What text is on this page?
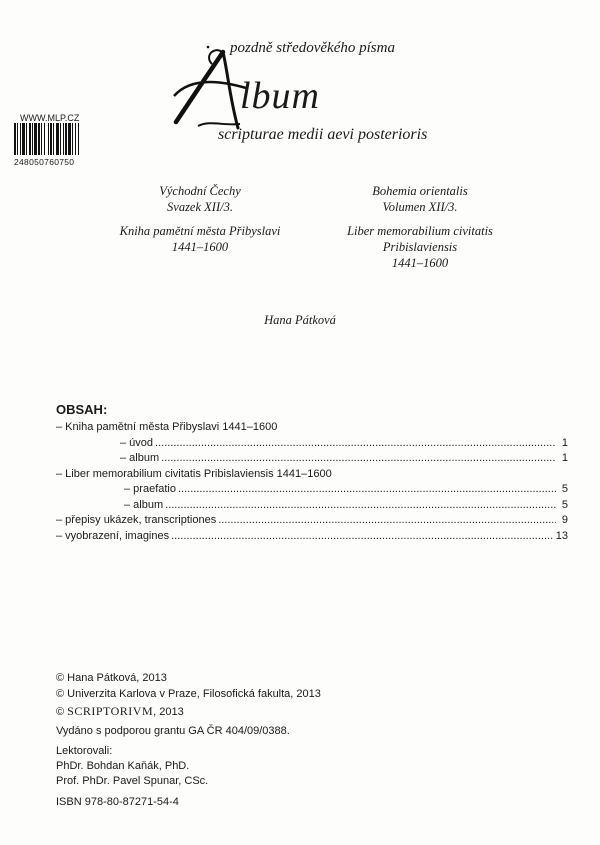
pozdně středověkého písma
lbum
scripturae medii aevi posterioris
WWW.MLP.CZ
248050760750
Východní Čechy
Svazek XII/3.
Kniha pamětní města Přibyslavi
1441–1600
Bohemia orientalis
Volumen XII/3.
Liber memorabilium civitatis Pribislaviensis
1441–1600
Hana Pátková
OBSAH:
– Kniha pamětní města Přibyslavi 1441–1600
– úvod .....	1
– album .....	1
– Liber memorabilium civitatis Pribislaviensis 1441–1600
– praefatio .....	5
– album .....	5
– přepisy ukázek, transcriptiones .....	9
– vyobrazení, imagines .....	13
© Hana Pátková, 2013
© Univerzita Karlova v Praze, Filosofická fakulta, 2013
© SCRIPTORIVM, 2013
Vydáno s podporou grantu GA ČR 404/09/0388.
Lektorovali:
PhDr. Bohdan Kaňák, PhD.
Prof. PhDr. Pavel Spunar, CSc.
ISBN 978-80-87271-54-4
